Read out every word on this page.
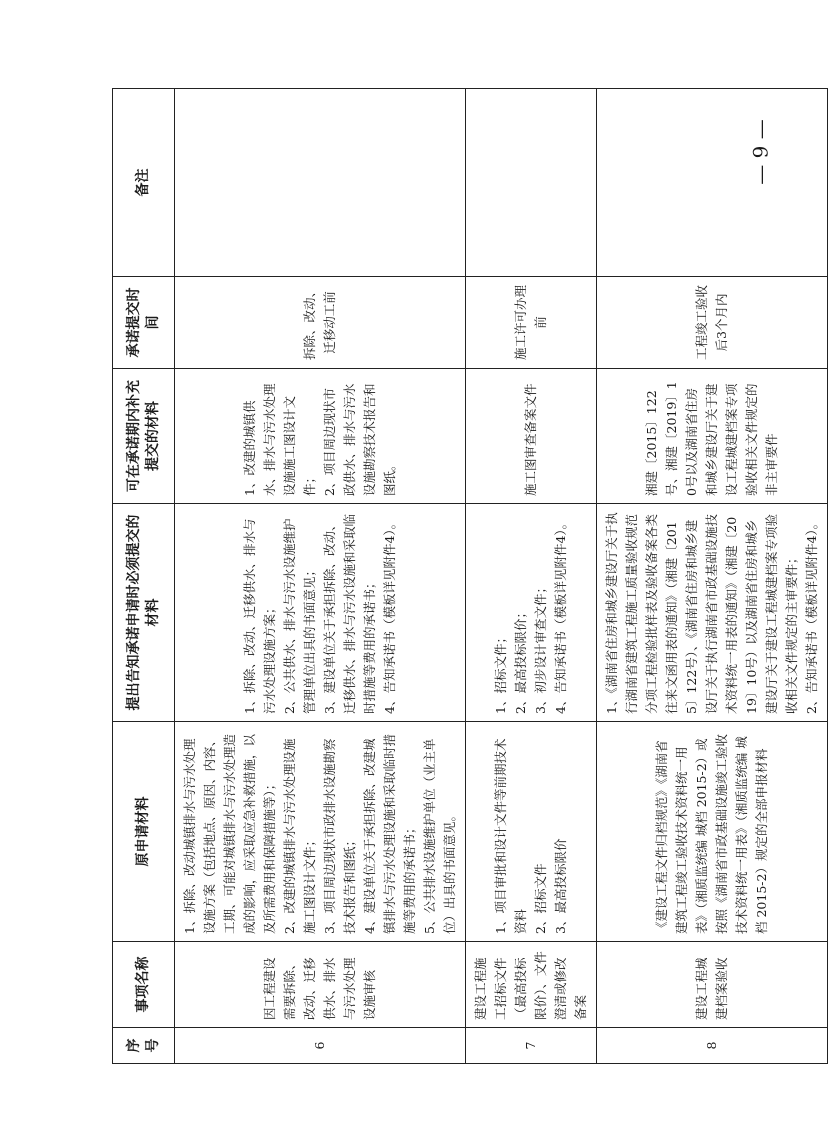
序号	事项名称	原申请材料	提出告知承诺申请时必须提交的材料	可在承诺期内补充提交的材料	承诺提交时间	备注
6	因工程建设需要拆除、改动、迁移供水、排水与污水处理设施审核	1、拆除、改动城镇排水与污水处理设施方案（包括地点、原因、内容、工期、可能对城镇排水与污水处理造成的影响，应采取应急补救措施，以及所需费用和保障措施等）； 2、改建的城镇排水与污水处理设施施工图设计文件； 3、项目周边现状市政排水设施勘察技术报告和图纸； 4、建设单位关于承担拆除、改建城镇排水与污水处理设施和采取临时措施等费用的承诺书； 5、公共排水设施维护单位（业主单位）出具的书面意见。	1、拆除、改动、迁移供水、排水与污水处理设施方案； 2、公共供水、排水与污水设施维护管理单位出具的书面意见； 3、建设单位关于承担拆除、改动、迁移供水、排水与污水设施和采取临时措施等费用的承诺书； 4、告知承诺书（模板详见附件4）。	1、改建的城镇供水、排水与污水处理设施施工图设计文件； 2、项目周边现状市政供水、排水与污水设施勘察技术报告和图纸。	拆除、改动、迁移动工前	
7	建设工程施工招标文件（最高投标限价）、文件澄清或修改备案	1、项目审批和设计文件等前期技术资料 2、招标文件 3、最高投标限价	1、招标文件； 2、最高投标限价； 3、初步设计审查文件； 4、告知承诺书（模板详见附件4）。	施工图审查备案文件	施工许可办理前	
8	建设工程城建档案验收	《建设工程文件归档规范》《湖南省建筑工程竣工验收技术资料统一用表》（湘质监统编 城档 2015-2）或按照《湖南省市政基础设施竣工验收技术资料统一用表》（湘质监统编 城档 2015-2）规定的全部申报材料	1、《湖南省住房和城乡建设厅关于执行湖南省建筑工程施工质量验收规范分项工程检验批样表及验收备案各类往来文函用表的通知》（湘建〔2015〕122号）、《湖南省住房和城乡建设厅关于执行湖南省市政基础设施技术资料统一用表的通知》（湘建〔2019〕10号）以及湖南省住房和城乡建设厅关于建设工程城建档案专项验收相关文件规定的主审要件； 2、告知承诺书（模板详见附件4）。	湘建〔2015〕122号、湘建〔2019〕10号以及湖南省住房和城乡建设厅关于建设工程城建档案专项验收相关文件规定的非主审要件	工程竣工验收后3个月内	
— 9 —
